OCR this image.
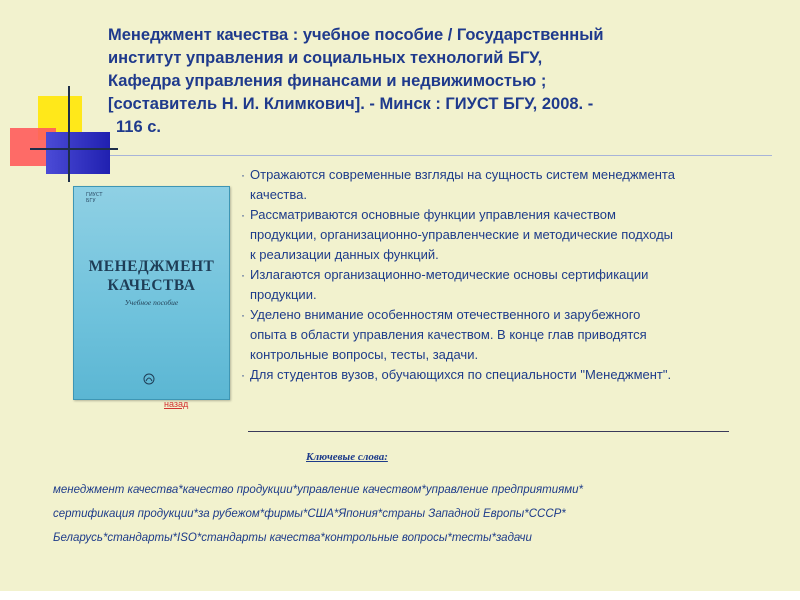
Менеджмент качества : учебное пособие / Государственный
институт управления и социальных технологий БГУ,
Кафедра управления финансами и недвижимостью ;
[составитель Н. И. Климкович]. - Минск : ГИУСТ БГУ, 2008. -
116 с.
ГИУСТ
БГУ
МЕНЕДЖМЕНТ
КАЧЕСТВА
Учебное пособие
назад
· Отражаются современные взгляды на сущность систем менеджмента
качества.
· Рассматриваются основные функции управления качеством
продукции, организационно-управленческие и методические подходы
к реализации данных функций.
· Излагаются организационно-методические основы сертификации
продукции.
· Уделено внимание особенностям отечественного и зарубежного
опыта в области управления качеством. В конце глав приводятся
контрольные вопросы, тесты, задачи.
· Для студентов вузов, обучающихся по специальности "Менеджмент".
Ключевые слова:
менеджмент качества*качество продукции*управление качеством*управление предприятиями*
сертификация продукции*за рубежом*фирмы*США*Япония*страны Западной Европы*СССР*
Беларусь*стандарты*ISO*стандарты качества*контрольные вопросы*тесты*задачи
